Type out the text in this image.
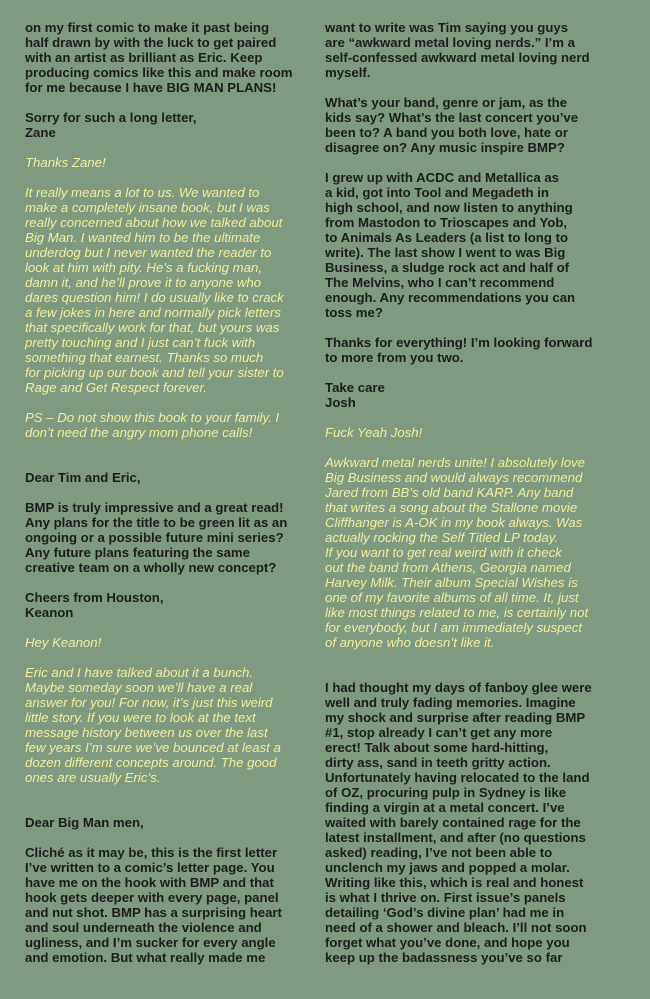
on my first comic to make it past being
half drawn by with the luck to get paired
with an artist as brilliant as Eric. Keep
producing comics like this and make room
for me because I have BIG MAN PLANS!

Sorry for such a long letter,
Zane

Thanks Zane!

It really means a lot to us. We wanted to
make a completely insane book, but I was
really concerned about how we talked about
Big Man. I wanted him to be the ultimate
underdog but I never wanted the reader to
look at him with pity. He’s a fucking man,
damn it, and he’ll prove it to anyone who
dares question him! I do usually like to crack
a few jokes in here and normally pick letters
that specifically work for that, but yours was
pretty touching and I just can’t fuck with
something that earnest. Thanks so much
for picking up our book and tell your sister to
Rage and Get Respect forever.

PS – Do not show this book to your family. I
don’t need the angry mom phone calls!

Dear Tim and Eric,

BMP is truly impressive and a great read!
Any plans for the title to be green lit as an
ongoing or a possible future mini series?
Any future plans featuring the same
creative team on a wholly new concept?

Cheers from Houston,
Keanon

Hey Keanon!

Eric and I have talked about it a bunch.
Maybe someday soon we’ll have a real
answer for you! For now, it’s just this weird
little story. If you were to look at the text
message history between us over the last
few years I’m sure we’ve bounced at least a
dozen different concepts around. The good
ones are usually Eric’s.

Dear Big Man men,

Cliché as it may be, this is the first letter
I’ve written to a comic’s letter page. You
have me on the hook with BMP and that
hook gets deeper with every page, panel
and nut shot. BMP has a surprising heart
and soul underneath the violence and
ugliness, and I’m sucker for every angle
and emotion. But what really made me

want to write was Tim saying you guys
are “awkward metal loving nerds.” I’m a
self-confessed awkward metal loving nerd
myself.

What’s your band, genre or jam, as the
kids say? What’s the last concert you’ve
been to? A band you both love, hate or
disagree on? Any music inspire BMP?

I grew up with ACDC and Metallica as
a kid, got into Tool and Megadeth in
high school, and now listen to anything
from Mastodon to Trioscapes and Yob,
to Animals As Leaders (a list to long to
write). The last show I went to was Big
Business, a sludge rock act and half of
The Melvins, who I can’t recommend
enough. Any recommendations you can
toss me?

Thanks for everything! I’m looking forward
to more from you two.

Take care
Josh

Fuck Yeah Josh!

Awkward metal nerds unite! I absolutely love
Big Business and would always recommend
Jared from BB’s old band KARP. Any band
that writes a song about the Stallone movie
Cliffhanger is A-OK in my book always. Was
actually rocking the Self Titled LP today.
If you want to get real weird with it check
out the band from Athens, Georgia named
Harvey Milk. Their album Special Wishes is
one of my favorite albums of all time. It, just
like most things related to me, is certainly not
for everybody, but I am immediately suspect
of anyone who doesn’t like it.

I had thought my days of fanboy glee were
well and truly fading memories. Imagine
my shock and surprise after reading BMP
#1, stop already I can’t get any more
erect! Talk about some hard-hitting,
dirty ass, sand in teeth gritty action.
Unfortunately having relocated to the land
of OZ, procuring pulp in Sydney is like
finding a virgin at a metal concert. I’ve
waited with barely contained rage for the
latest installment, and after (no questions
asked) reading, I’ve not been able to
unclench my jaws and popped a molar.
Writing like this, which is real and honest
is what I thrive on. First issue’s panels
detailing ‘God’s divine plan’ had me in
need of a shower and bleach. I’ll not soon
forget what you’ve done, and hope you
keep up the badassness you’ve so far
